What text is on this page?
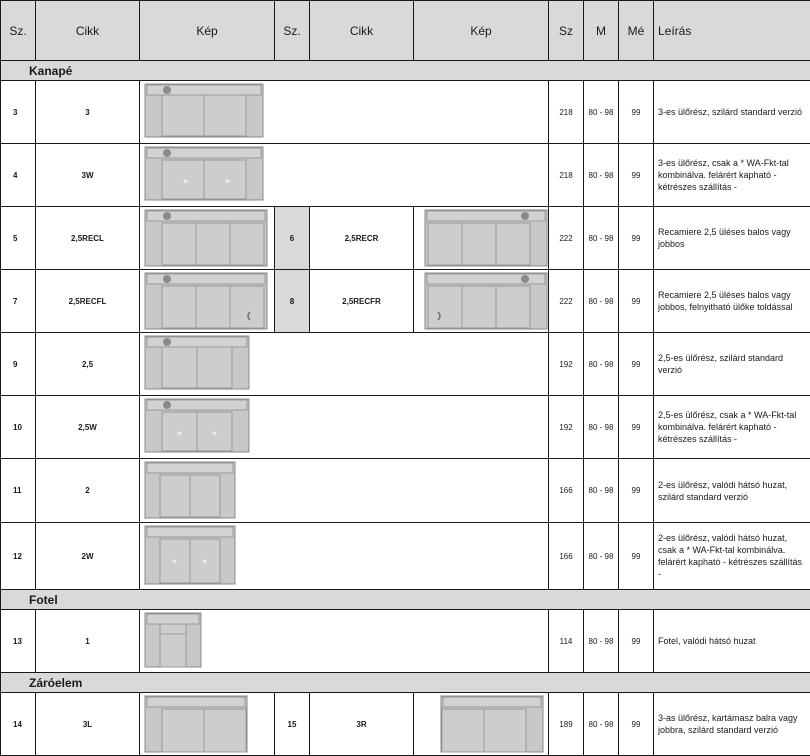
Sz.	Cikk	Kép	Sz.	Cikk	Kép	Sz	M	Mé	Leírás
Kanapé									
3	3					218	80 - 98	99	3-es ülőrész, szilárd standard verzió
4	3W	* *				218	80 - 98	99	3-es ülőrész, csak a * WA-Fkt-tal kombinálva. felárért kapható - kétrészes szállítás -
5	2,5RECL		6	2,5RECR		222	80 - 98	99	Recamiere 2,5 üléses balos vagy jobbos
7	2,5RECFL		8	2,5RECFR		222	80 - 98	99	Recamiere 2,5 üléses balos vagy jobbos, felnyitható ülőke toldással
9	2,5					192	80 - 98	99	2,5-es ülőrész, szilárd standard verzió
10	2,5W	* *				192	80 - 98	99	2,5-es ülőrész, csak a * WA-Fkt-tal kombinálva. felárért kapható - kétrészes szállítás -
11	2					166	80 - 98	99	2-es ülőrész, valódi hátsó huzat, szilárd standard verzió
12	2W	* *				166	80 - 98	99	2-es ülőrész, valódi hátsó huzat, csak a * WA-Fkt-tal kombinálva. felárért kapható - kétrészes szállítás -
Fotel									
13	1					114	80 - 98	99	Fotel, valódi hátsó huzat
Záróelem									
14	3L		15	3R		189	80 - 98	99	3-as ülőrész, kartámasz balra vagy jobbra, szilárd standard verzió
